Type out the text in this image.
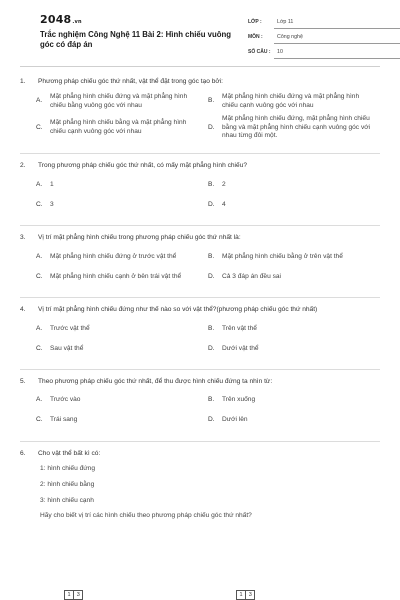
2048.vn
Trắc nghiệm Công Nghệ 11 Bài 2: Hình chiếu vuông góc có đáp án
LỚP :	Lớp 11
MÔN :	Công nghệ
SỐ CÂU :	10
1.	Phương pháp chiếu góc thứ nhất, vật thể đặt trong góc tạo bởi:
A.
Mặt phẳng hình chiếu đứng và mặt phẳng hình chiếu bằng vuông góc với nhau
B.
Mặt phẳng hình chiếu đứng và mặt phẳng hình chiếu cạnh vuông góc với nhau
C.
Mặt phẳng hình chiếu bằng và mặt phẳng hình chiếu cạnh vuông góc với nhau
D.
Mặt phẳng hình chiếu đứng, mặt phẳng hình chiếu bằng và mặt phẳng hình chiếu cạnh vuông góc với nhau từng đôi một.
2.	Trong phương pháp chiếu góc thứ nhất, có mấy mặt phẳng hình chiếu?
A.	1	B.	2
C.	3	D.	4
3.	Vị trí mặt phẳng hình chiếu trong phương pháp chiếu góc thứ nhất là:
A.	Mặt phẳng hình chiếu đứng ở trước vật thể	B.	Mặt phẳng hình chiếu bằng ở trên vật thể
C.	Mặt phẳng hình chiếu cạnh ở bên trái vật thể	D.	Cả 3 đáp án đều sai
4.	Vị trí mặt phẳng hình chiếu đứng như thế nào so với vật thể?(phương pháp chiếu góc thứ nhất)
A.	Trước vật thể	B.	Trên vật thể
C.	Sau vật thể	D.	Dưới vật thể
5.	Theo phương pháp chiếu góc thứ nhất, để thu được hình chiếu đứng ta nhìn từ:
A.	Trước vào	B.	Trên xuống
C.	Trái sang	D.	Dưới lên
6.	Cho vật thể bất kì có:
1: hình chiếu đứng
2: hình chiếu bằng
3: hình chiếu cạnh
Hãy cho biết vị trí các hình chiếu theo phương pháp chiếu góc thứ nhất?
1	3	1	3
